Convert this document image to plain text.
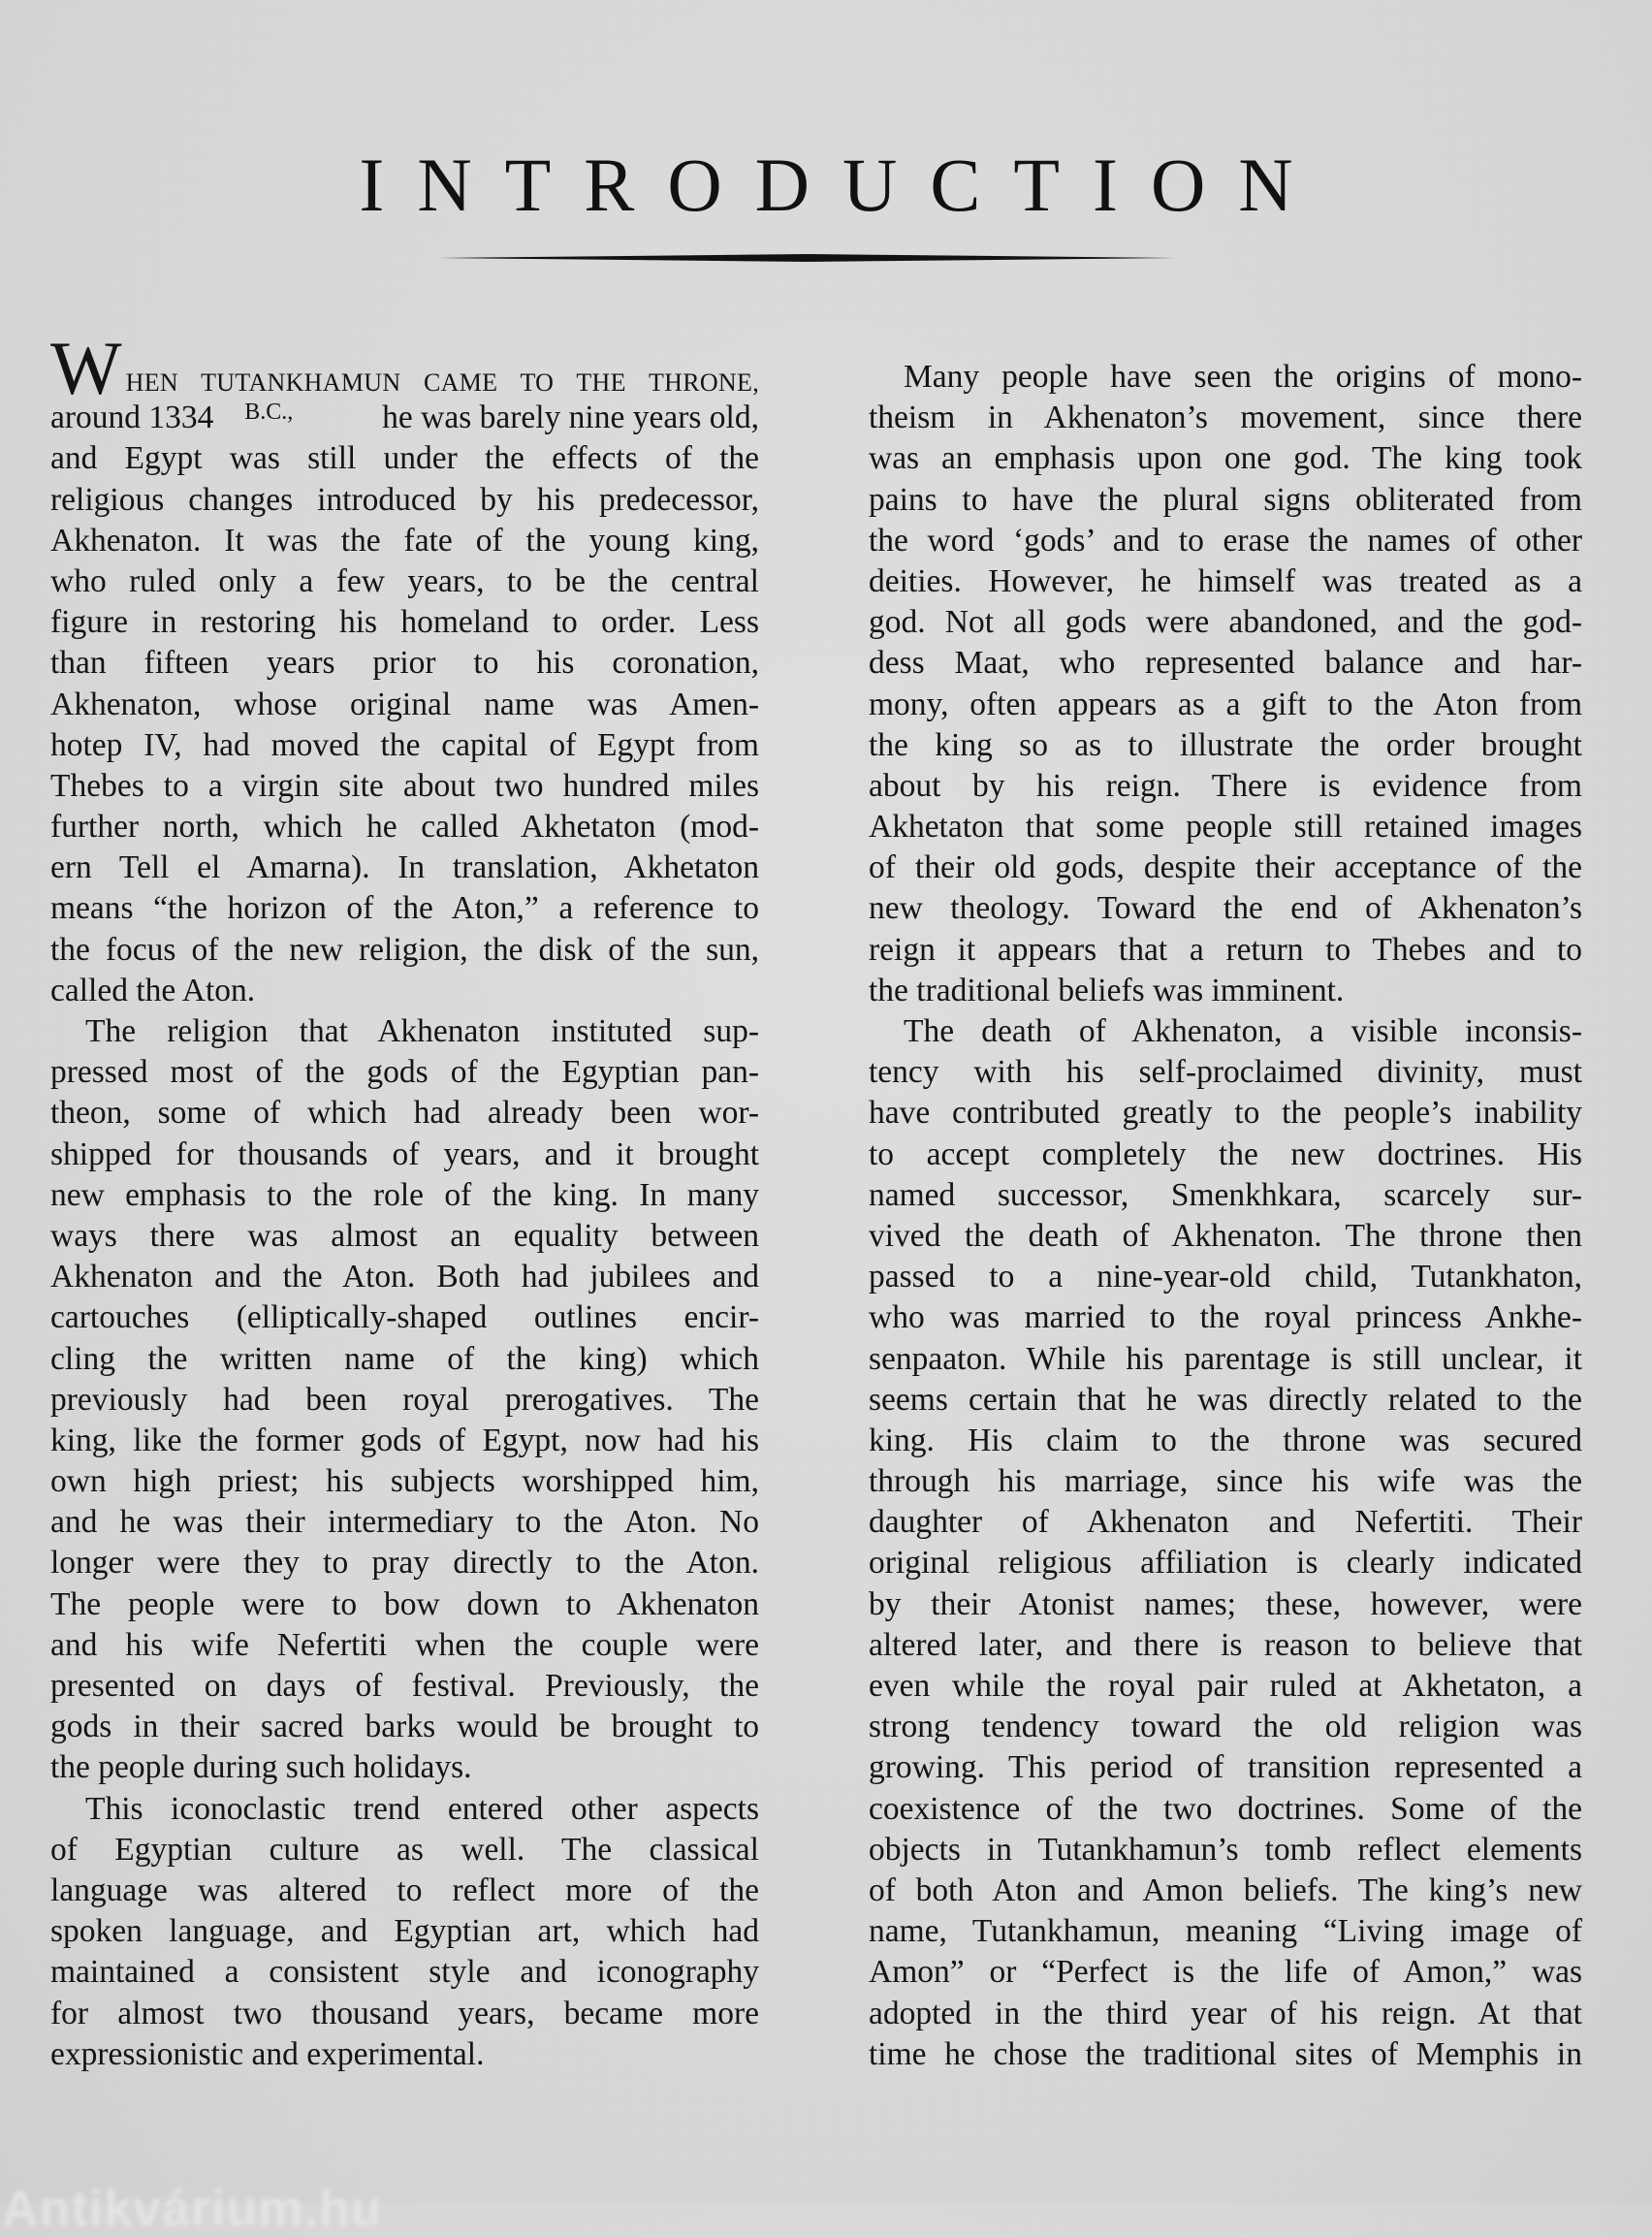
INTRODUCTION
W HEN TUTANKHAMUN CAME TO THE THRONE,
around 1334 B.C.,	he was barely nine years old,
and Egypt was still under the effects of the
religious changes introduced by his predecessor,
Akhenaton. It was the fate of the young king,
who ruled only a few years, to be the central
figure in restoring his homeland to order. Less
than fifteen years prior to his coronation,
Akhenaton, whose original name was Amen-
hotep IV, had moved the capital of Egypt from
Thebes to a virgin site about two hundred miles
further north, which he called Akhetaton (mod-
ern Tell el Amarna). In translation, Akhetaton
means “the horizon of the Aton,” a reference to
the focus of the new religion, the disk of the sun,
called the Aton.
The religion that Akhenaton instituted sup-
pressed most of the gods of the Egyptian pan-
theon, some of which had already been wor-
shipped for thousands of years, and it brought
new emphasis to the role of the king. In many
ways there was almost an equality between
Akhenaton and the Aton. Both had jubilees and
cartouches (elliptically-shaped outlines encir-
cling the written name of the king) which
previously had been royal prerogatives. The
king, like the former gods of Egypt, now had his
own high priest; his subjects worshipped him,
and he was their intermediary to the Aton. No
longer were they to pray directly to the Aton.
The people were to bow down to Akhenaton
and his wife Nefertiti when the couple were
presented on days of festival. Previously, the
gods in their sacred barks would be brought to
the people during such holidays.
This iconoclastic trend entered other aspects
of Egyptian culture as well. The classical
language was altered to reflect more of the
spoken language, and Egyptian art, which had
maintained a consistent style and iconography
for almost two thousand years, became more
expressionistic and experimental.
Many people have seen the origins of mono-
theism in Akhenaton’s movement, since there
was an emphasis upon one god. The king took
pains to have the plural signs obliterated from
the word ‘gods’ and to erase the names of other
deities. However, he himself was treated as a
god. Not all gods were abandoned, and the god-
dess Maat, who represented balance and har-
mony, often appears as a gift to the Aton from
the king so as to illustrate the order brought
about by his reign. There is evidence from
Akhetaton that some people still retained images
of their old gods, despite their acceptance of the
new theology. Toward the end of Akhenaton’s
reign it appears that a return to Thebes and to
the traditional beliefs was imminent.
The death of Akhenaton, a visible inconsis-
tency with his self-proclaimed divinity, must
have contributed greatly to the people’s inability
to accept completely the new doctrines. His
named successor, Smenkhkara, scarcely sur-
vived the death of Akhenaton. The throne then
passed to a nine-year-old child, Tutankhaton,
who was married to the royal princess Ankhe-
senpaaton. While his parentage is still unclear, it
seems certain that he was directly related to the
king. His claim to the throne was secured
through his marriage, since his wife was the
daughter of Akhenaton and Nefertiti. Their
original religious affiliation is clearly indicated
by their Atonist names; these, however, were
altered later, and there is reason to believe that
even while the royal pair ruled at Akhetaton, a
strong tendency toward the old religion was
growing. This period of transition represented a
coexistence of the two doctrines. Some of the
objects in Tutankhamun’s tomb reflect elements
of both Aton and Amon beliefs. The king’s new
name, Tutankhamun, meaning “Living image of
Amon” or “Perfect is the life of Amon,” was
adopted in the third year of his reign. At that
time he chose the traditional sites of Memphis in
Antikvárium.hu
